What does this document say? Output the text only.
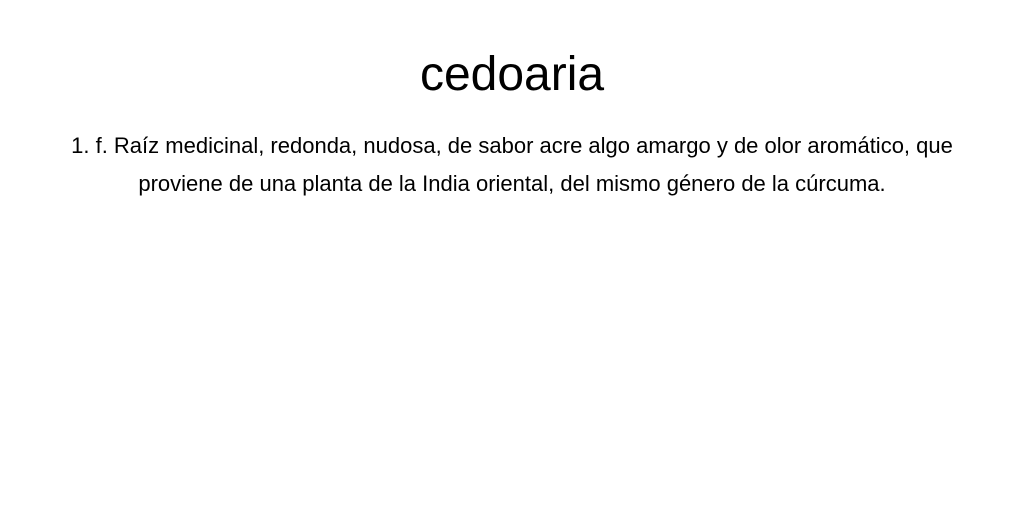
cedoaria

1. f. Raíz medicinal, redonda, nudosa, de sabor acre algo amargo y de olor aromático, que proviene de una planta de la India oriental, del mismo género de la cúrcuma.
